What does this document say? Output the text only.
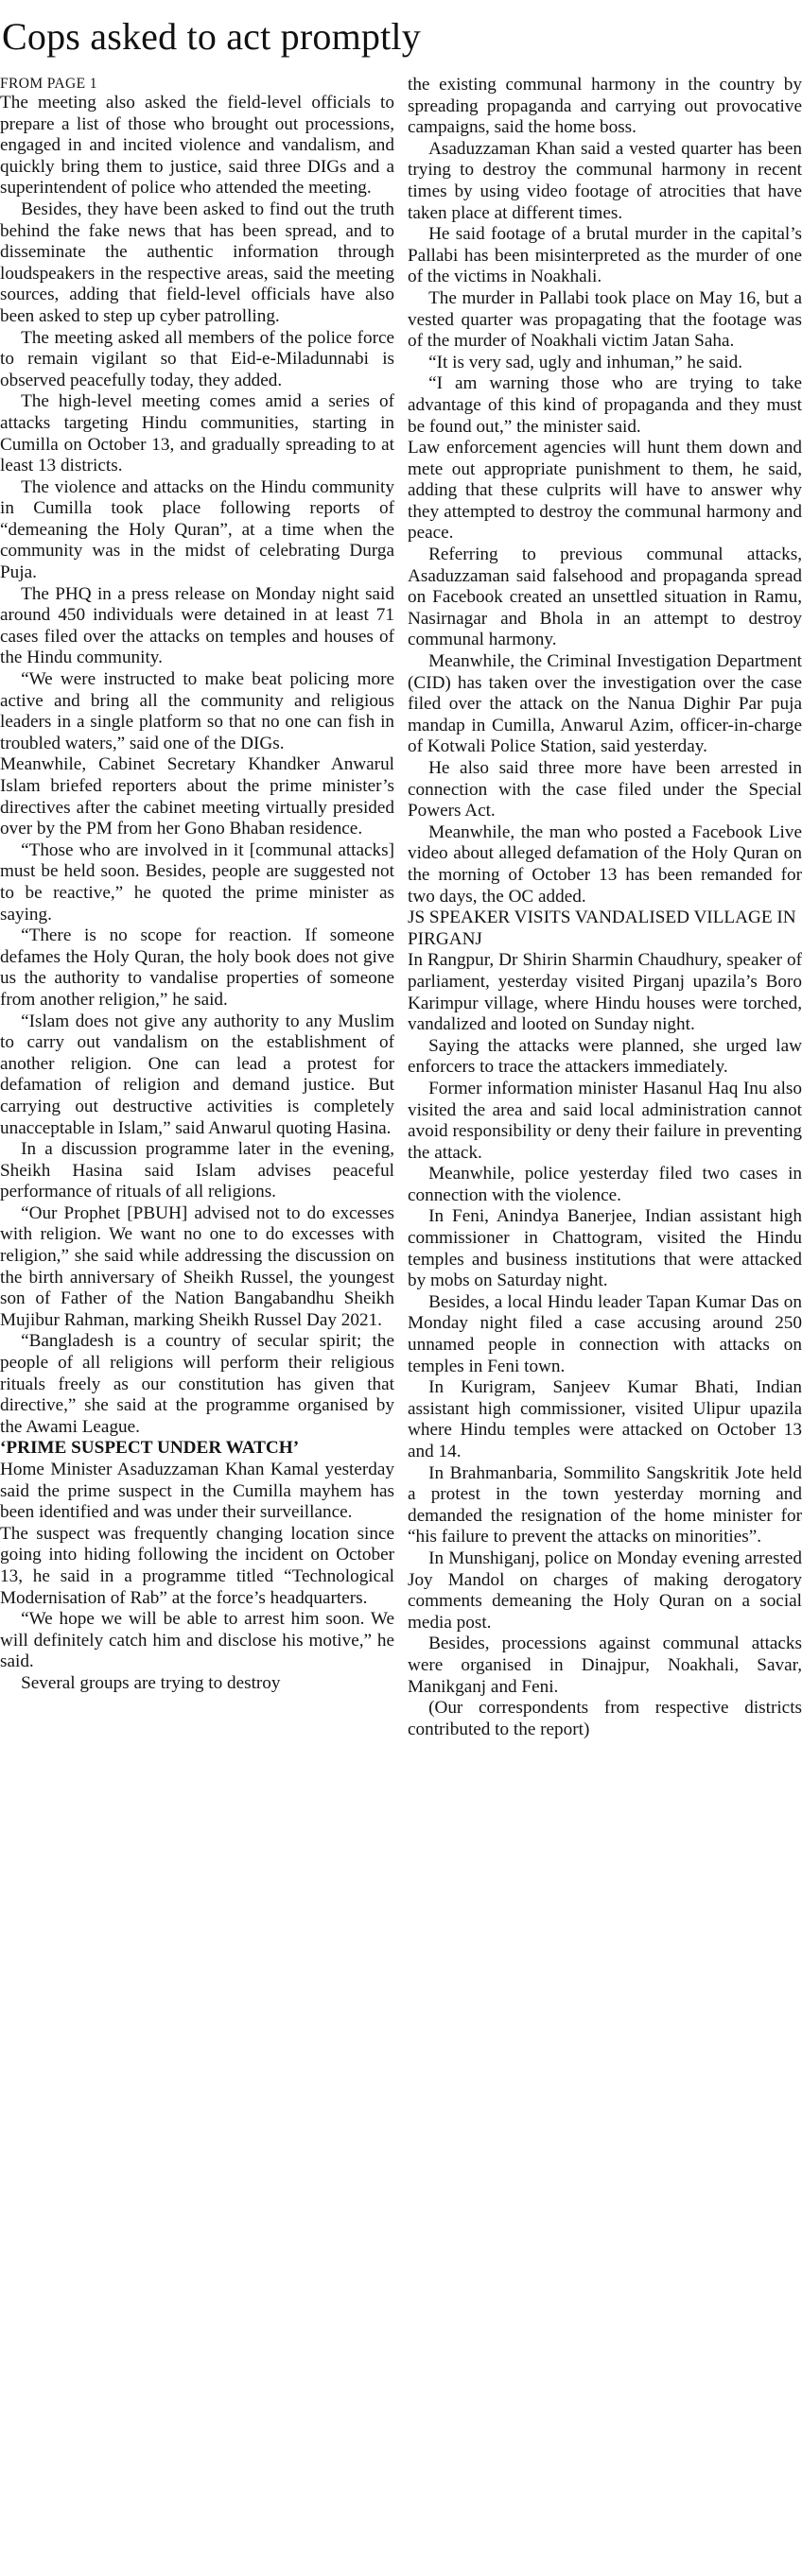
Cops asked to act promptly

FROM PAGE 1

The meeting also asked the field-level officials to prepare a list of those who brought out processions, engaged in and incited violence and vandalism, and quickly bring them to justice, said three DIGs and a superintendent of police who attended the meeting.

Besides, they have been asked to find out the truth behind the fake news that has been spread, and to disseminate the authentic information through loudspeakers in the respective areas, said the meeting sources, adding that field-level officials have also been asked to step up cyber patrolling.

The meeting asked all members of the police force to remain vigilant so that Eid-e-Miladunnabi is observed peacefully today, they added.

The high-level meeting comes amid a series of attacks targeting Hindu communities, starting in Cumilla on October 13, and gradually spreading to at least 13 districts.

The violence and attacks on the Hindu community in Cumilla took place following reports of “demeaning the Holy Quran”, at a time when the community was in the midst of celebrating Durga Puja.

The PHQ in a press release on Monday night said around 450 individuals were detained in at least 71 cases filed over the attacks on temples and houses of the Hindu community.

“We were instructed to make beat policing more active and bring all the community and religious leaders in a single platform so that no one can fish in troubled waters,” said one of the DIGs.

Meanwhile, Cabinet Secretary Khandker Anwarul Islam briefed reporters about the prime minister’s directives after the cabinet meeting virtually presided over by the PM from her Gono Bhaban residence.

“Those who are involved in it [communal attacks] must be held soon. Besides, people are suggested not to be reactive,” he quoted the prime minister as saying.

“There is no scope for reaction. If someone defames the Holy Quran, the holy book does not give us the authority to vandalise properties of someone from another religion,” he said.

“Islam does not give any authority to any Muslim to carry out vandalism on the establishment of another religion. One can lead a protest for defamation of religion and demand justice. But carrying out destructive activities is completely unacceptable in Islam,” said Anwarul quoting Hasina.

In a discussion programme later in the evening, Sheikh Hasina said Islam advises peaceful performance of rituals of all religions.

“Our Prophet [PBUH] advised not to do excesses with religion. We want no one to do excesses with religion,” she said while addressing the discussion on the birth anniversary of Sheikh Russel, the youngest son of Father of the Nation Bangabandhu Sheikh Mujibur Rahman, marking Sheikh Russel Day 2021.

“Bangladesh is a country of secular spirit; the people of all religions will perform their religious rituals freely as our constitution has given that directive,” she said at the programme organised by the Awami League.

‘PRIME SUSPECT UNDER WATCH’

Home Minister Asaduzzaman Khan Kamal yesterday said the prime suspect in the Cumilla mayhem has been identified and was under their surveillance.

The suspect was frequently changing location since going into hiding following the incident on October 13, he said in a programme titled “Technological Modernisation of Rab” at the force’s headquarters.

“We hope we will be able to arrest him soon. We will definitely catch him and disclose his motive,” he said.

Several groups are trying to destroy

the existing communal harmony in the country by spreading propaganda and carrying out provocative campaigns, said the home boss.

Asaduzzaman Khan said a vested quarter has been trying to destroy the communal harmony in recent times by using video footage of atrocities that have taken place at different times.

He said footage of a brutal murder in the capital’s Pallabi has been misinterpreted as the murder of one of the victims in Noakhali.

The murder in Pallabi took place on May 16, but a vested quarter was propagating that the footage was of the murder of Noakhali victim Jatan Saha.

“It is very sad, ugly and inhuman,” he said.

“I am warning those who are trying to take advantage of this kind of propaganda and they must be found out,” the minister said.

Law enforcement agencies will hunt them down and mete out appropriate punishment to them, he said, adding that these culprits will have to answer why they attempted to destroy the communal harmony and peace.

Referring to previous communal attacks, Asaduzzaman said falsehood and propaganda spread on Facebook created an unsettled situation in Ramu, Nasirnagar and Bhola in an attempt to destroy communal harmony.

Meanwhile, the Criminal Investigation Department (CID) has taken over the investigation over the case filed over the attack on the Nanua Dighir Par puja mandap in Cumilla, Anwarul Azim, officer-in-charge of Kotwali Police Station, said yesterday.

He also said three more have been arrested in connection with the case filed under the Special Powers Act.

Meanwhile, the man who posted a Facebook Live video about alleged defamation of the Holy Quran on the morning of October 13 has been remanded for two days, the OC added.

JS SPEAKER VISITS VANDALISED VILLAGE IN PIRGANJ

In Rangpur, Dr Shirin Sharmin Chaudhury, speaker of parliament, yesterday visited Pirganj upazila’s Boro Karimpur village, where Hindu houses were torched, vandalized and looted on Sunday night.

Saying the attacks were planned, she urged law enforcers to trace the attackers immediately.

Former information minister Hasanul Haq Inu also visited the area and said local administration cannot avoid responsibility or deny their failure in preventing the attack.

Meanwhile, police yesterday filed two cases in connection with the violence.

In Feni, Anindya Banerjee, Indian assistant high commissioner in Chattogram, visited the Hindu temples and business institutions that were attacked by mobs on Saturday night.

Besides, a local Hindu leader Tapan Kumar Das on Monday night filed a case accusing around 250 unnamed people in connection with attacks on temples in Feni town.

In Kurigram, Sanjeev Kumar Bhati, Indian assistant high commissioner, visited Ulipur upazila where Hindu temples were attacked on October 13 and 14.

In Brahmanbaria, Sommilito Sangskritik Jote held a protest in the town yesterday morning and demanded the resignation of the home minister for “his failure to prevent the attacks on minorities”.

In Munshiganj, police on Monday evening arrested Joy Mandol on charges of making derogatory comments demeaning the Holy Quran on a social media post.

Besides, processions against communal attacks were organised in Dinajpur, Noakhali, Savar, Manikganj and Feni.

(Our correspondents from respective districts contributed to the report)
